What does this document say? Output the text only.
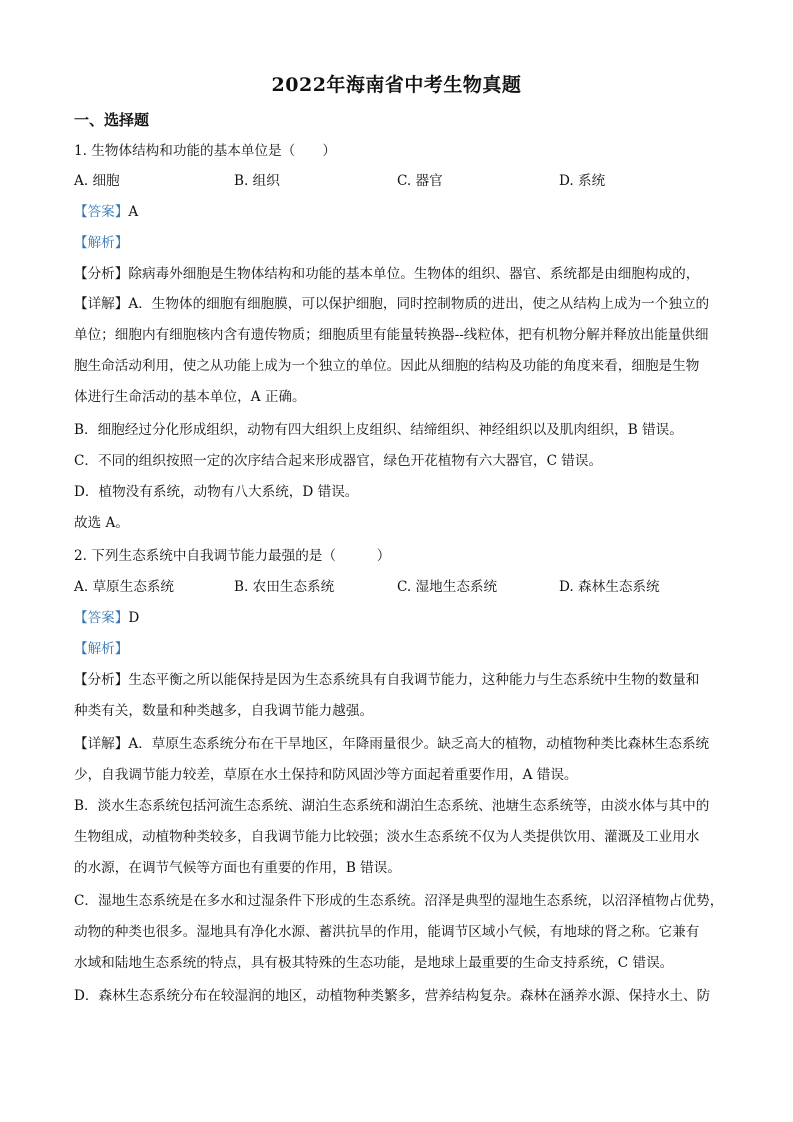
2022年海南省中考生物真题
一、选择题
1. 生物体结构和功能的基本单位是（　　）
A. 细胞	B. 组织	C. 器官	D. 系统
【答案】A
【解析】
【分析】除病毒外细胞是生物体结构和功能的基本单位。生物体的组织、器官、系统都是由细胞构成的，
【详解】A．生物体的细胞有细胞膜，可以保护细胞，同时控制物质的进出，使之从结构上成为一个独立的
单位；细胞内有细胞核内含有遗传物质；细胞质里有能量转换器--线粒体，把有机物分解并释放出能量供细
胞生命活动利用，使之从功能上成为一个独立的单位。因此从细胞的结构及功能的角度来看，细胞是生物
体进行生命活动的基本单位，A 正确。
B．细胞经过分化形成组织，动物有四大组织上皮组织、结缔组织、神经组织以及肌肉组织，B 错误。
C．不同的组织按照一定的次序结合起来形成器官，绿色开花植物有六大器官，C 错误。
D．植物没有系统，动物有八大系统，D 错误。
故选 A。
2. 下列生态系统中自我调节能力最强的是（　　　）
A. 草原生态系统	B. 农田生态系统	C. 湿地生态系统	D. 森林生态系统
【答案】D
【解析】
【分析】生态平衡之所以能保持是因为生态系统具有自我调节能力，这种能力与生态系统中生物的数量和
种类有关，数量和种类越多，自我调节能力越强。
【详解】A．草原生态系统分布在干旱地区，年降雨量很少。缺乏高大的植物，动植物种类比森林生态系统
少，自我调节能力较差，草原在水土保持和防风固沙等方面起着重要作用，A 错误。
B．淡水生态系统包括河流生态系统、湖泊生态系统和湖泊生态系统、池塘生态系统等，由淡水体与其中的
生物组成，动植物种类较多，自我调节能力比较强；淡水生态系统不仅为人类提供饮用、灌溉及工业用水
的水源，在调节气候等方面也有重要的作用，B 错误。
C．湿地生态系统是在多水和过湿条件下形成的生态系统。沼泽是典型的湿地生态系统，以沼泽植物占优势，
动物的种类也很多。湿地具有净化水源、蓄洪抗旱的作用，能调节区域小气候，有地球的肾之称。它兼有
水域和陆地生态系统的特点，具有极其特殊的生态功能，是地球上最重要的生命支持系统，C 错误。
D．森林生态系统分布在较湿润的地区，动植物种类繁多，营养结构复杂。森林在涵养水源、保持水土、防
